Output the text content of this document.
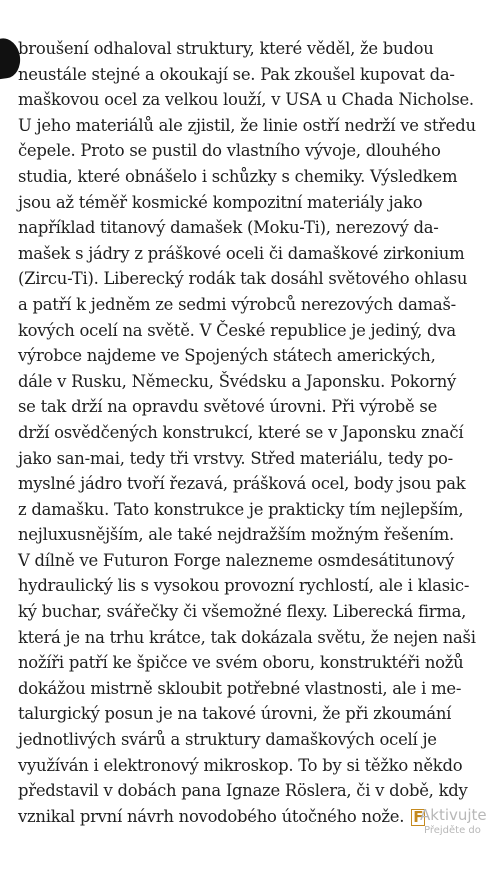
broušení odhaloval struktury, které věděl, že budou
neustále stejné a okoukají se. Pak zkoušel kupovat da-
maškovou ocel za velkou louží, v USA u Chada Nicholse.
U jeho materiálů ale zjistil, že linie ostří nedrží ve středu
čepele. Proto se pustil do vlastního vývoje, dlouhého
studia, které obnášelo i schůzky s chemiky. Výsledkem
jsou až téměř kosmické kompozitní materiály jako
například titanový damašek (Moku-Ti), nerezový da-
mašek s jádry z práškové oceli či damaškové zirkonium
(Zircu-Ti). Liberecký rodák tak dosáhl světového ohlasu
a patří k jedněm ze sedmi výrobců nerezových damaš-
kových ocelí na světě. V České republice je jediný, dva
výrobce najdeme ve Spojených státech amerických,
dále v Rusku, Německu, Švédsku a Japonsku. Pokorný
se tak drží na opravdu světové úrovni. Při výrobě se
drží osvědčených konstrukcí, které se v Japonsku značí
jako san-mai, tedy tři vrstvy. Střed materiálu, tedy po-
myslné jádro tvoří řezavá, prášková ocel, body jsou pak
z damašku. Tato konstrukce je prakticky tím nejlepším,
nejluxusnějším, ale také nejdražším možným řešením.
V dílně ve Futuron Forge nalezneme osmdesátitunový
hydraulický lis s vysokou provozní rychlostí, ale i klasic-
ký buchar, svářečky či všemožné flexy. Liberecká firma,
která je na trhu krátce, tak dokázala světu, že nejen naši
nožíři patří ke špičce ve svém oboru, konstruktéři nožů
dokážou mistrně skloubit potřebné vlastnosti, ale i me-
talurgický posun je na takové úrovni, že při zkoumání
jednotlivých svárů a struktury damaškových ocelí je
využíván i elektronový mikroskop. To by si těžko někdo
představil v dobách pana Ignaze Röslera, či v době, kdy
vznikal první návrh novodobého útočného nože. F
Aktivujte
Přejděte do
